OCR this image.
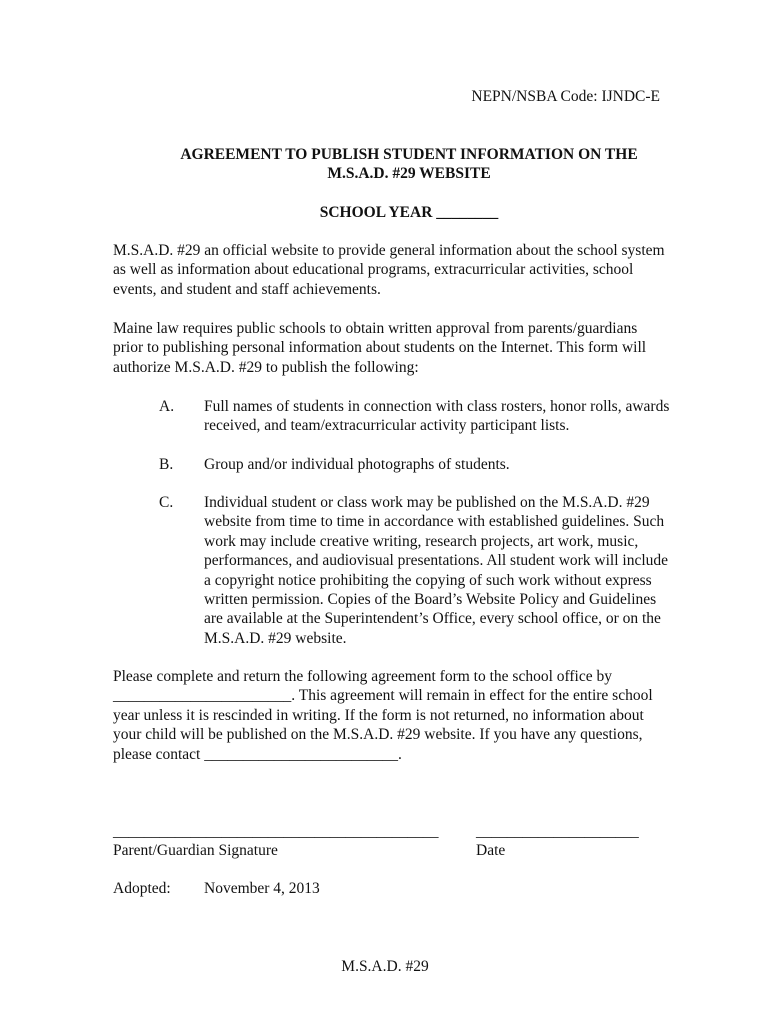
NEPN/NSBA Code: IJNDC-E

AGREEMENT TO PUBLISH STUDENT INFORMATION ON THE
M.S.A.D. #29 WEBSITE

SCHOOL YEAR ________

M.S.A.D. #29 an official website to provide general information about the school system
as well as information about educational programs, extracurricular activities, school
events, and student and staff achievements.
Maine law requires public schools to obtain written approval from parents/guardians
prior to publishing personal information about students on the Internet. This form will
authorize M.S.A.D. #29 to publish the following:

A. Full names of students in connection with class rosters, honor rolls, awards
received, and team/extracurricular activity participant lists.

B. Group and/or individual photographs of students.

C. Individual student or class work may be published on the M.S.A.D. #29
website from time to time in accordance with established guidelines. Such
work may include creative writing, research projects, art work, music,
performances, and audiovisual presentations. All student work will include
a copyright notice prohibiting the copying of such work without express
written permission. Copies of the Board’s Website Policy and Guidelines
are available at the Superintendent’s Office, every school office, or on the
M.S.A.D. #29 website.
Please complete and return the following agreement form to the school office by
_______________________. This agreement will remain in effect for the entire school
year unless it is rescinded in writing. If the form is not returned, no information about
your child will be published on the M.S.A.D. #29 website. If you have any questions,
please contact _________________________.

__________________________________________

Parent/Guardian Signature

_____________________

Date

Adopted: November 4, 2013

M.S.A.D. #29
